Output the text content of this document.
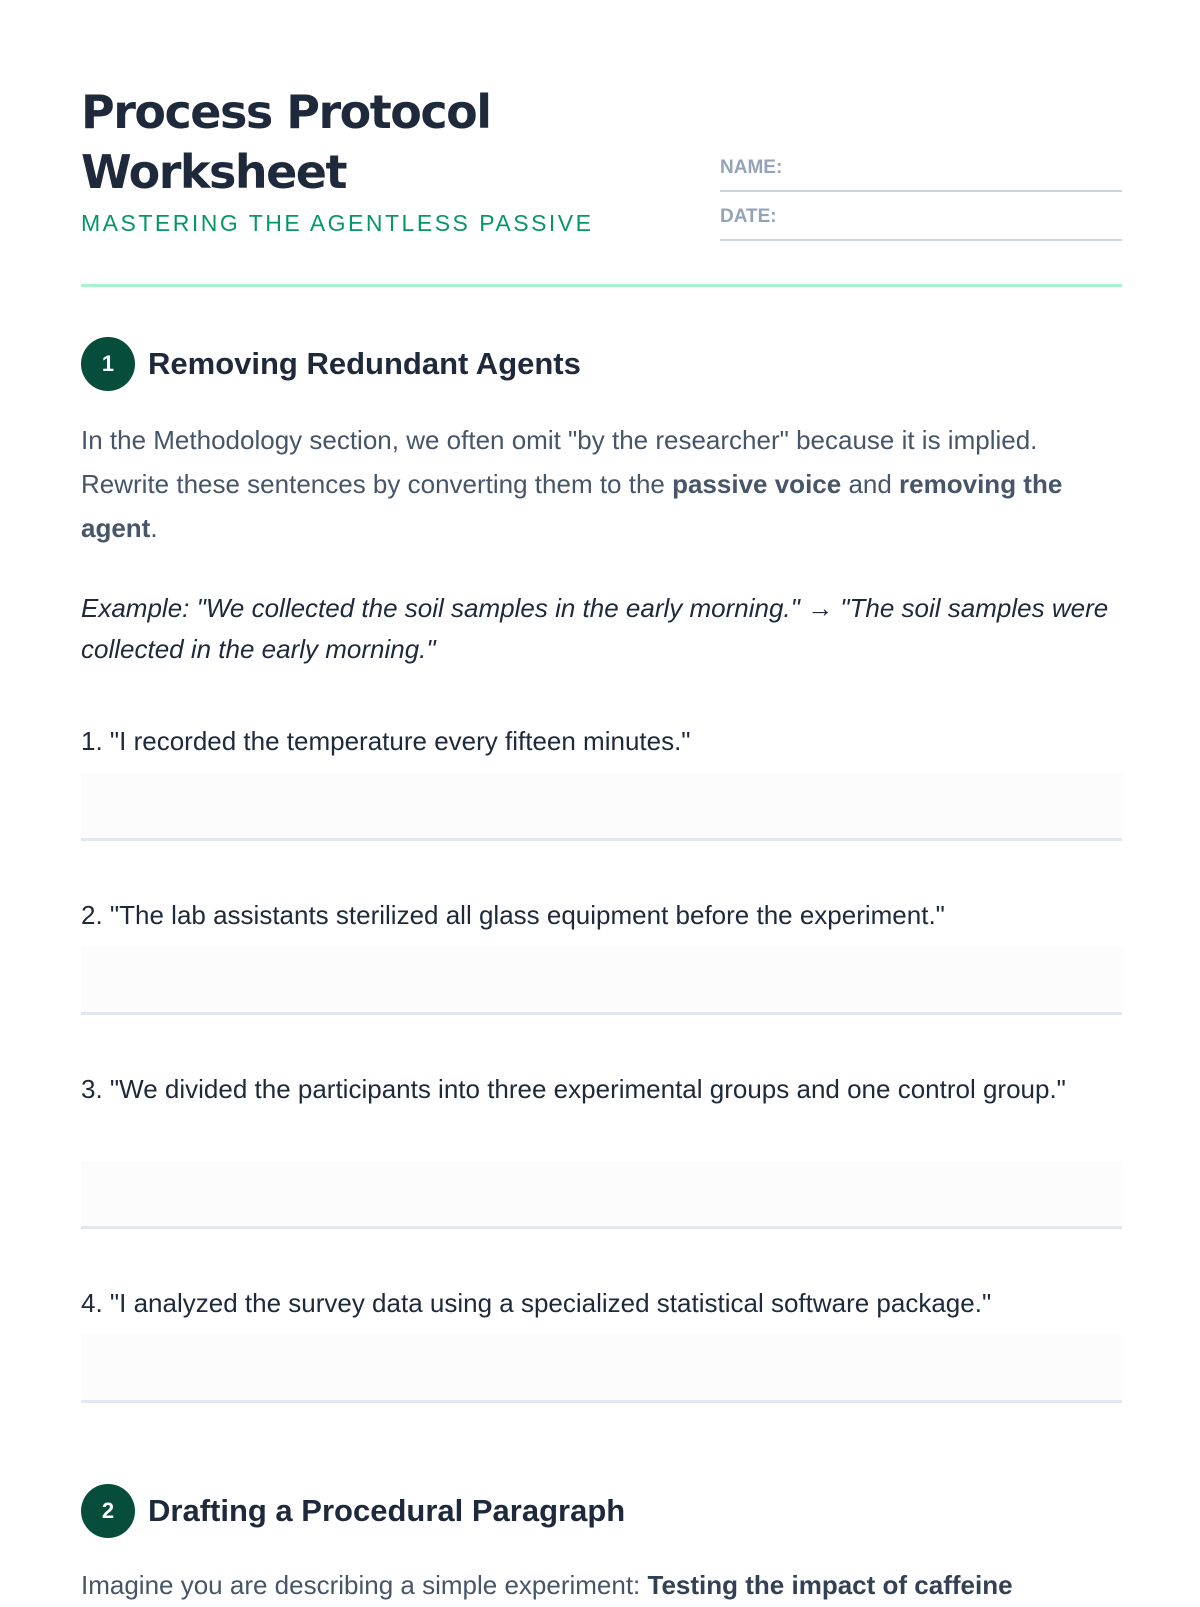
Process Protocol
Worksheet
MASTERING THE AGENTLESS PASSIVE
NAME:
DATE:
1	Removing Redundant Agents
In the Methodology section, we often omit "by the researcher" because it is implied. Rewrite these sentences by converting them to the passive voice and removing the agent.
Example: "We collected the soil samples in the early morning." → "The soil samples were collected in the early morning."
1. "I recorded the temperature every fifteen minutes."
2. "The lab assistants sterilized all glass equipment before the experiment."
3. "We divided the participants into three experimental groups and one control group."
4. "I analyzed the survey data using a specialized statistical software package."
2	Drafting a Procedural Paragraph
Imagine you are describing a simple experiment: Testing the impact of caffeine
